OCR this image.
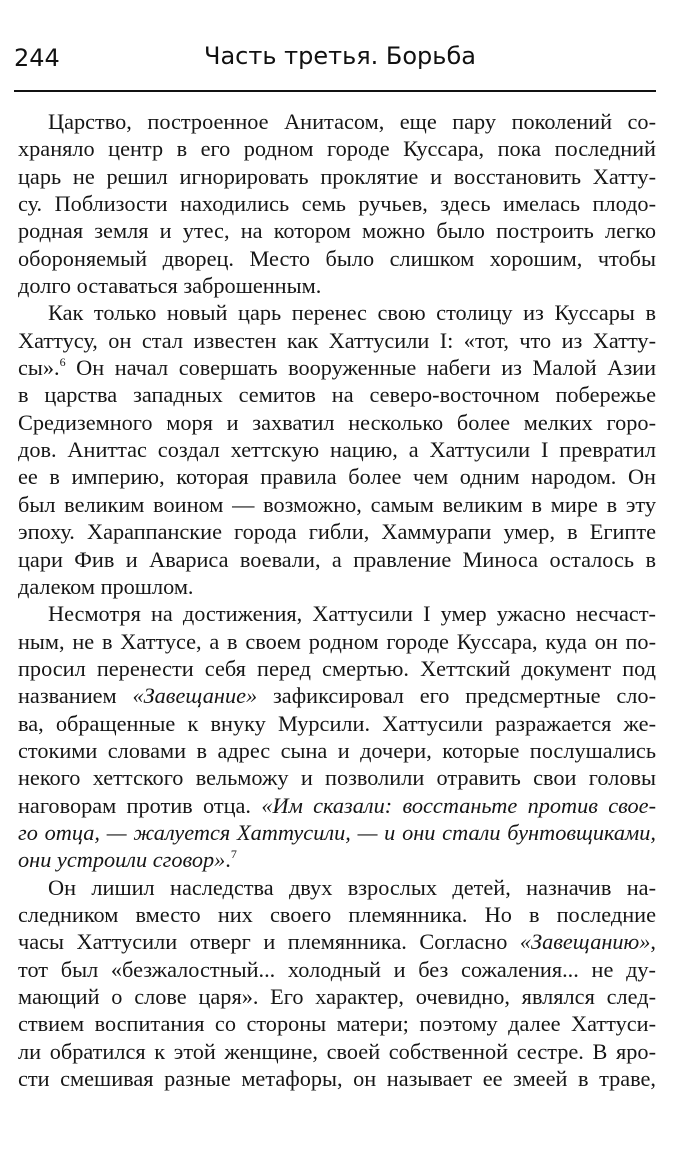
244	Часть третья. Борьба
Царство, построенное Анитасом, еще пару поколений со-
храняло центр в его родном городе Куссара, пока последний
царь не решил игнорировать проклятие и восстановить Хатту-
су. Поблизости находились семь ручьев, здесь имелась плодо-
родная земля и утес, на котором можно было построить легко
обороняемый дворец. Место было слишком хорошим, чтобы
долго оставаться заброшенным.
Как только новый царь перенес свою столицу из Куссары в
Хаттусу, он стал известен как Хаттусили I: «тот, что из Хатту-
сы».$^6$ Он начал совершать вооруженные набеги из Малой Азии
в царства западных семитов на северо-восточном побережье
Средиземного моря и захватил несколько более мелких горо-
дов. Аниттас создал хеттскую нацию, а Хаттусили I превратил
ее в империю, которая правила более чем одним народом. Он
был великим воином — возможно, самым великим в мире в эту
эпоху. Хараппанские города гибли, Хаммурапи умер, в Египте
цари Фив и Авариса воевали, а правление Миноса осталось в
далеком прошлом.
Несмотря на достижения, Хаттусили I умер ужасно несчаст-
ным, не в Хаттусе, а в своем родном городе Куссара, куда он по-
просил перенести себя перед смертью. Хеттский документ под
названием «Завещание» зафиксировал его предсмертные сло-
ва, обращенные к внуку Мурсили. Хаттусили разражается же-
стокими словами в адрес сына и дочери, которые послушались
некого хеттского вельможу и позволили отравить свои головы
наговорам против отца. «Им сказали: восстаньте против свое-
го отца, — жалуется Хаттусили, — и они стали бунтовщиками,
они устроили сговор».$^7$
Он лишил наследства двух взрослых детей, назначив на-
следником вместо них своего племянника. Но в последние
часы Хаттусили отверг и племянника. Согласно «Завещанию»,
тот был «безжалостный... холодный и без сожаления... не ду-
мающий о слове царя». Его характер, очевидно, являлся след-
ствием воспитания со стороны матери; поэтому далее Хаттуси-
ли обратился к этой женщине, своей собственной сестре. В яро-
сти смешивая разные метафоры, он называет ее змеей в траве,
